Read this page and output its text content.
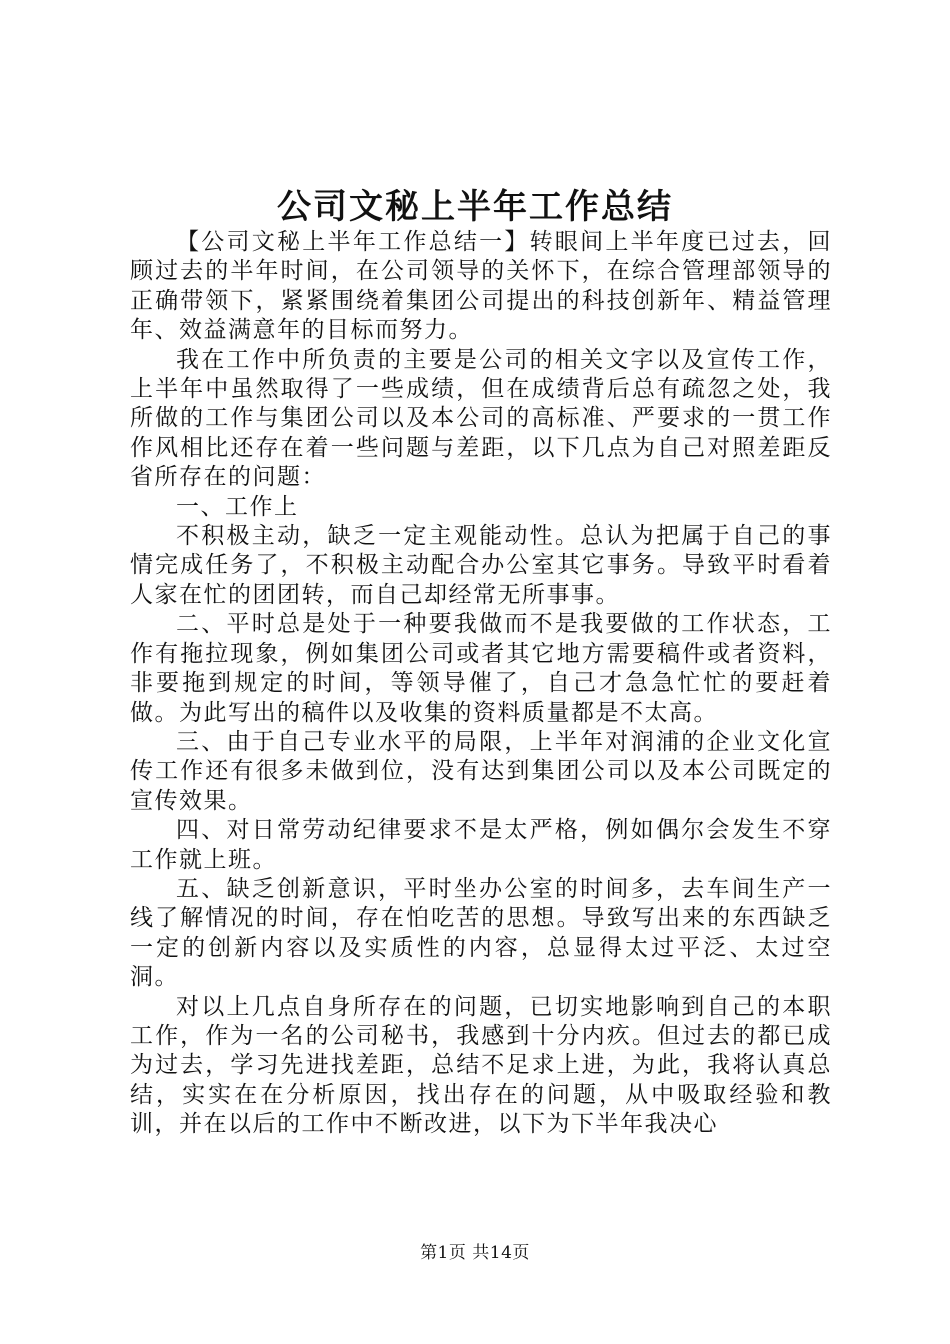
公司文秘上半年工作总结

【公司文秘上半年工作总结一】转眼间上半年度已过去，回顾过去的半年时间，在公司领导的关怀下，在综合管理部领导的正确带领下，紧紧围绕着集团公司提出的科技创新年、精益管理年、效益满意年的目标而努力。

我在工作中所负责的主要是公司的相关文字以及宣传工作，上半年中虽然取得了一些成绩，但在成绩背后总有疏忽之处，我所做的工作与集团公司以及本公司的高标准、严要求的一贯工作作风相比还存在着一些问题与差距，以下几点为自己对照差距反省所存在的问题：

一、工作上

不积极主动，缺乏一定主观能动性。总认为把属于自己的事情完成任务了，不积极主动配合办公室其它事务。导致平时看着人家在忙的团团转，而自己却经常无所事事。

二、平时总是处于一种要我做而不是我要做的工作状态，工作有拖拉现象，例如集团公司或者其它地方需要稿件或者资料，非要拖到规定的时间，等领导催了，自己才急急忙忙的要赶着做。为此写出的稿件以及收集的资料质量都是不太高。

三、由于自己专业水平的局限，上半年对润浦的企业文化宣传工作还有很多未做到位，没有达到集团公司以及本公司既定的宣传效果。

四、对日常劳动纪律要求不是太严格，例如偶尔会发生不穿工作就上班。

五、缺乏创新意识，平时坐办公室的时间多，去车间生产一线了解情况的时间，存在怕吃苦的思想。导致写出来的东西缺乏一定的创新内容以及实质性的内容，总显得太过平泛、太过空洞。

对以上几点自身所存在的问题，已切实地影响到自己的本职工作，作为一名的公司秘书，我感到十分内疚。但过去的都已成为过去，学习先进找差距，总结不足求上进，为此，我将认真总结，实实在在分析原因，找出存在的问题，从中吸取经验和教训，并在以后的工作中不断改进，以下为下半年我决心

第1页 共14页
